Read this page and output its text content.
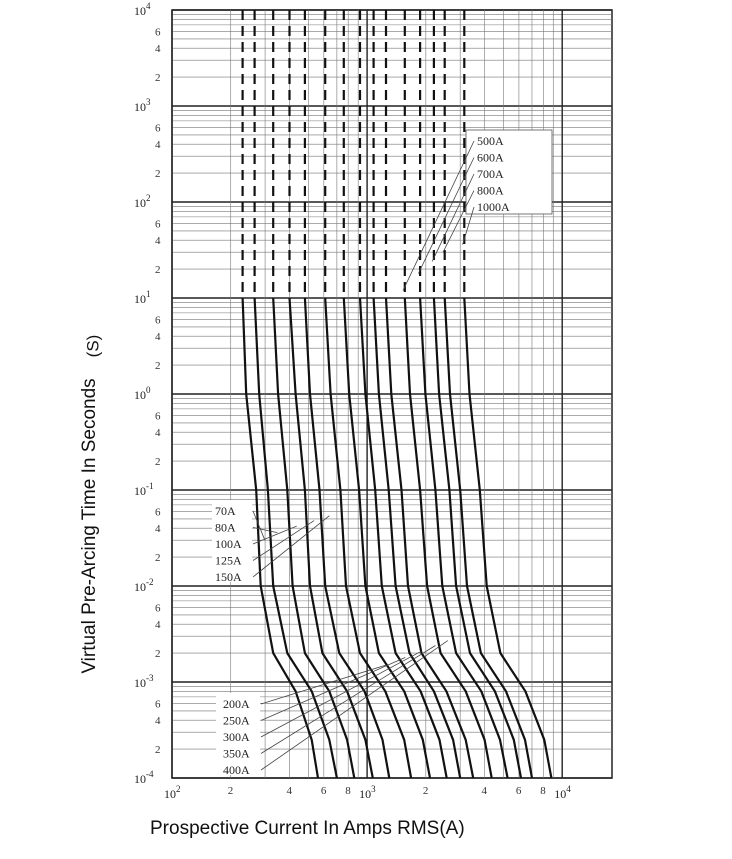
70A
80A
100A
125A
150A
200A
250A
300A
350A
400A
500A
600A
700A
800A
1000A
$10^4$
$10^3$
$10^2$
$10^1$
$10^0$
$10^{-1}$
$10^{-2}$
$10^{-3}$
$10^{-4}$
6
4
2
6
4
2
6
4
2
6
4
2
6
4
2
6
4
2
6
4
2
6
4
2
$10^2$	$10^3$	$10^4$
2	4	6 8	2	4	6 8
Virtual Pre-Arcing Time In Seconds
(S)
Prospective Current In Amps RMS(A)
